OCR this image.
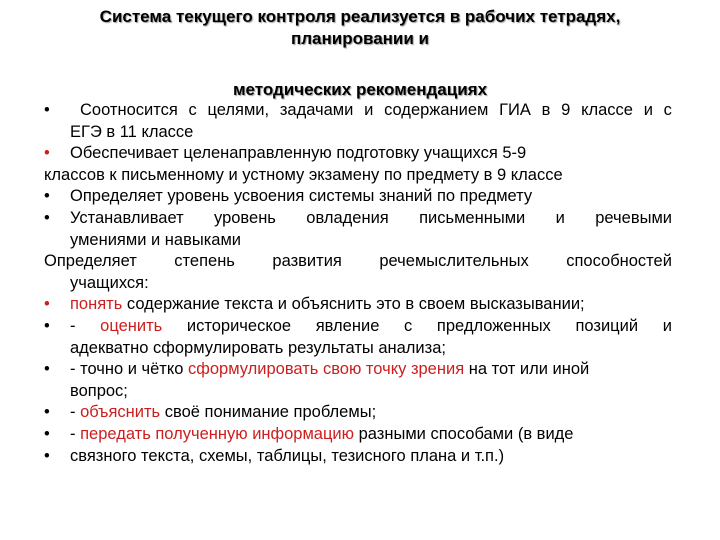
Система текущего контроля реализуется в рабочих тетрадях,
планировании и
методических рекомендациях
• Соотносится с целями, задачами и содержанием ГИА в 9 классе и с
ЕГЭ в 11 классе
• Обеспечивает целенаправленную подготовку учащихся 5-9
классов к письменному и устному экзамену по предмету в 9 классе
• Определяет уровень усвоения системы знаний по предмету
• Устанавливает уровень овладения письменными и речевыми
умениями и навыками
Определяет степень развития речемыслительных способностей
учащихся:
• понять содержание текста и объяснить это в своем высказывании;
• - оценить историческое явление с предложенных позиций и
адекватно сформулировать результаты анализа;
• - точно и чётко сформулировать свою точку зрения на тот или иной
вопрос;
• - объяснить своё понимание проблемы;
• - передать полученную информацию разными способами (в виде
• связного текста, схемы, таблицы, тезисного плана и т.п.)
